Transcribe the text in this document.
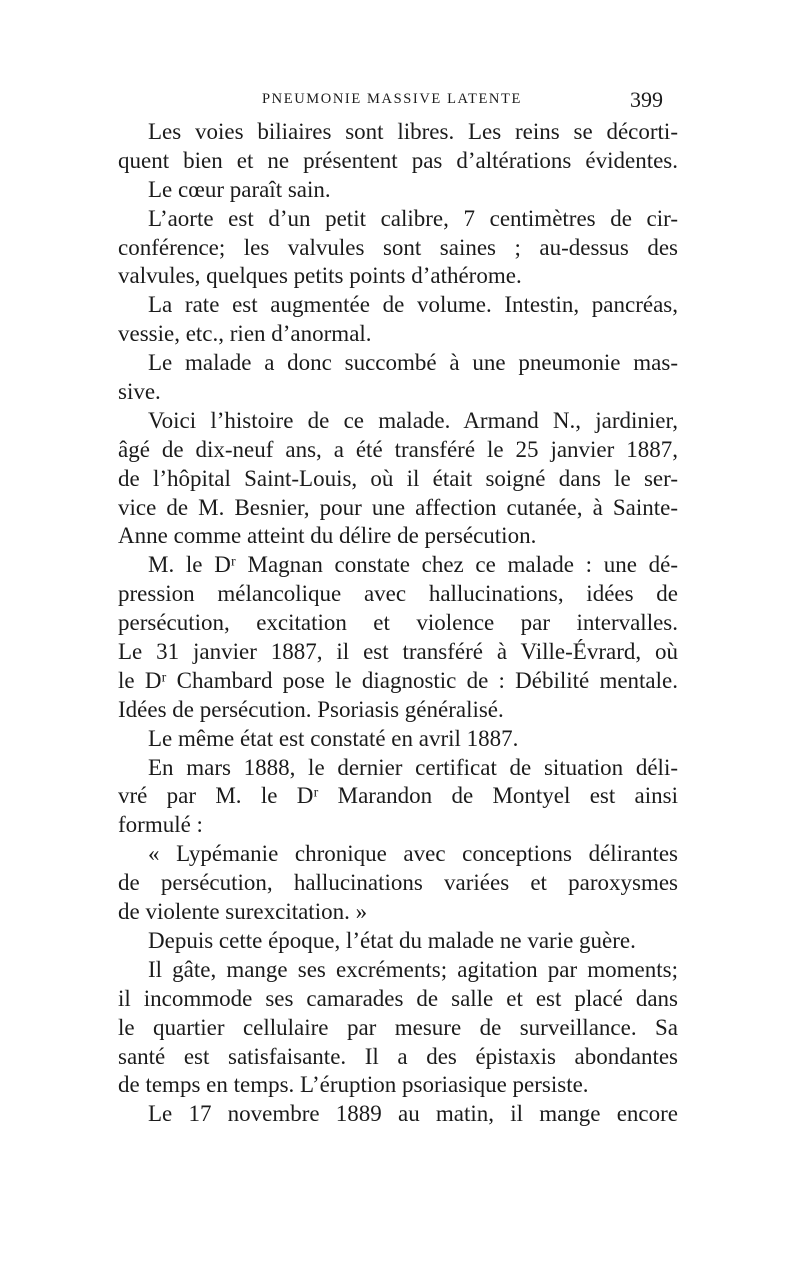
PNEUMONIE MASSIVE LATENTE	399
Les voies biliaires sont libres. Les reins se décorti-
quent bien et ne présentent pas d’altérations évidentes.
Le cœur paraît sain.
L’aorte est d’un petit calibre, 7 centimètres de cir-
conférence; les valvules sont saines ; au-dessus des
valvules, quelques petits points d’athérome.
La rate est augmentée de volume. Intestin, pancréas,
vessie, etc., rien d’anormal.
Le malade a donc succombé à une pneumonie mas-
sive.
Voici l’histoire de ce malade. Armand N., jardinier,
âgé de dix-neuf ans, a été transféré le 25 janvier 1887,
de l’hôpital Saint-Louis, où il était soigné dans le ser-
vice de M. Besnier, pour une affection cutanée, à Sainte-
Anne comme atteint du délire de persécution.
M. le Dʳ Magnan constate chez ce malade : une dé-
pression mélancolique avec hallucinations, idées de
persécution, excitation et violence par intervalles.
Le 31 janvier 1887, il est transféré à Ville-Évrard, où
le Dʳ Chambard pose le diagnostic de : Débilité mentale.
Idées de persécution. Psoriasis généralisé.
Le même état est constaté en avril 1887.
En mars 1888, le dernier certificat de situation déli-
vré par M. le Dʳ Marandon de Montyel est ainsi
formulé :
« Lypémanie chronique avec conceptions délirantes
de persécution, hallucinations variées et paroxysmes
de violente surexcitation. »
Depuis cette époque, l’état du malade ne varie guère.
Il gâte, mange ses excréments; agitation par moments;
il incommode ses camarades de salle et est placé dans
le quartier cellulaire par mesure de surveillance. Sa
santé est satisfaisante. Il a des épistaxis abondantes
de temps en temps. L’éruption psoriasique persiste.
Le 17 novembre 1889 au matin, il mange encore
